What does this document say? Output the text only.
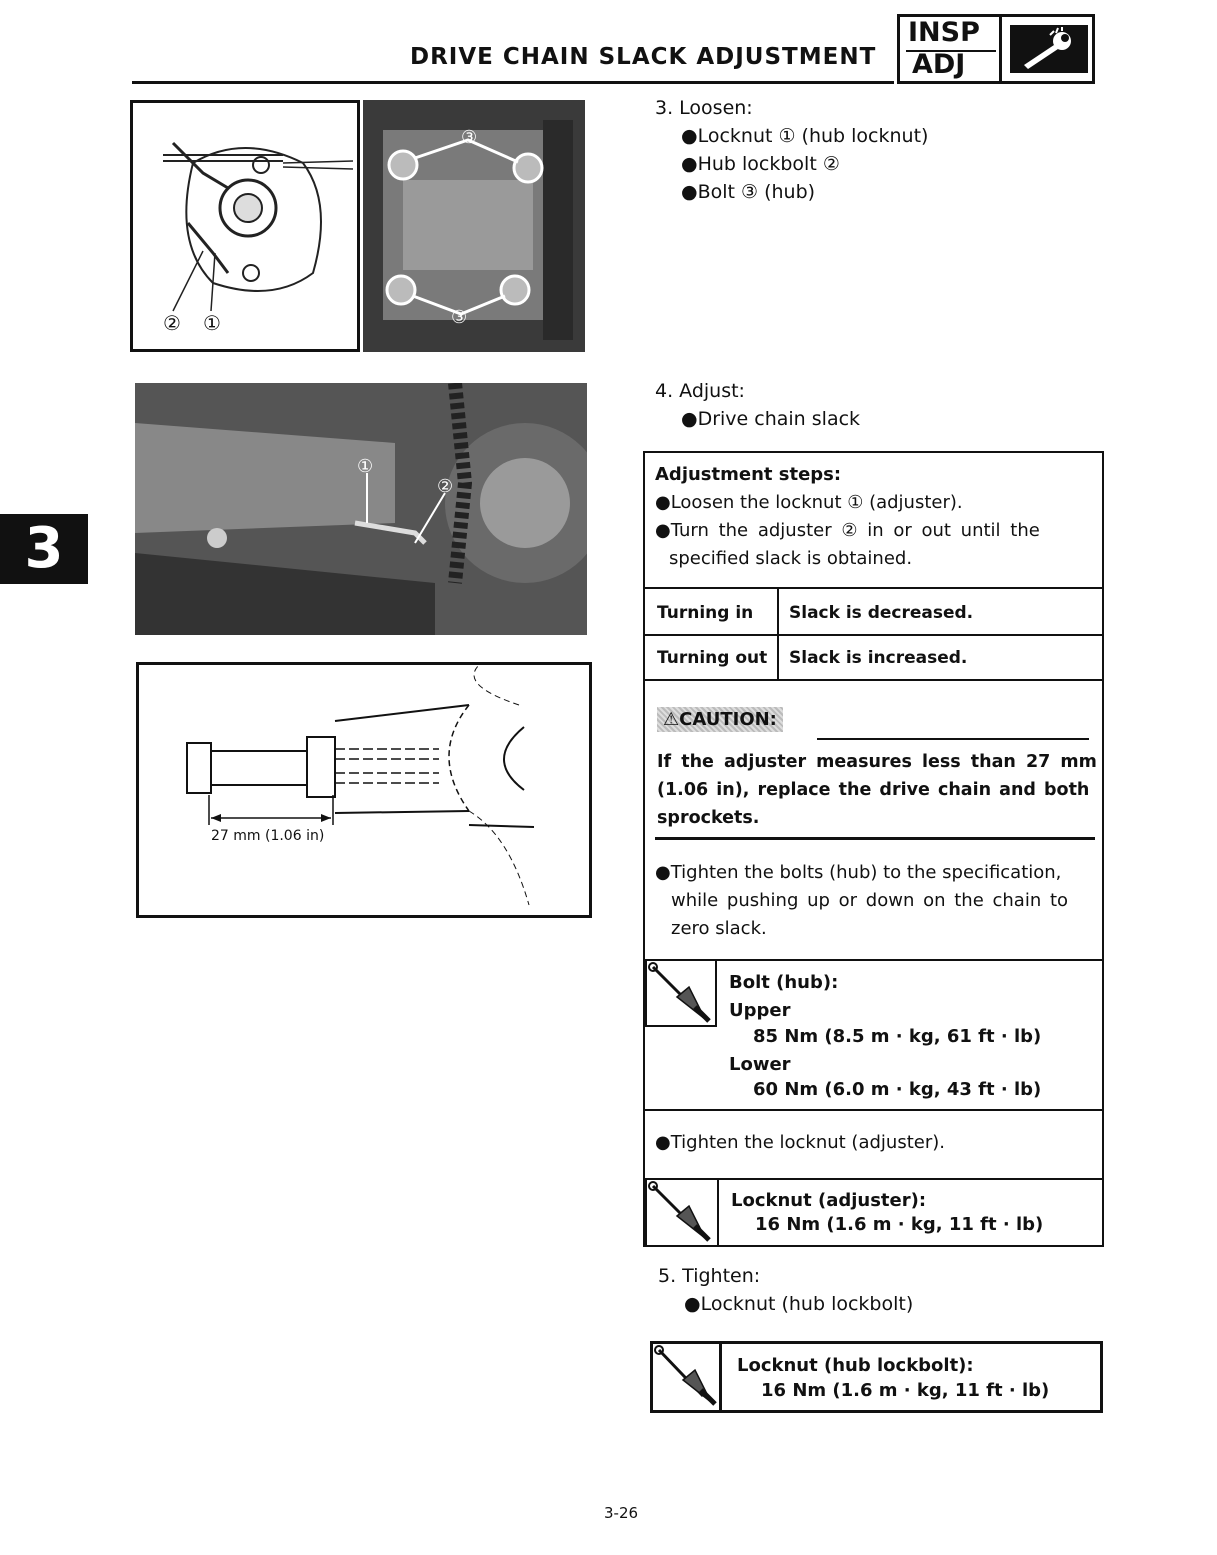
DRIVE CHAIN SLACK ADJUSTMENT
INSP
ADJ
3
② ①
③
③
①
②
27 mm (1.06 in)
3. Loosen:
●Locknut ① (hub locknut)
●Hub lockbolt ②
●Bolt ③ (hub)
4. Adjust:
●Drive chain slack
Adjustment steps:
●Loosen the locknut ① (adjuster).
●Turn the adjuster ② in or out until the
specified slack is obtained.
Turning in Slack is decreased.
Turning out Slack is increased.
⚠CAUTION:
If the adjuster measures less than 27 mm
(1.06 in), replace the drive chain and both
sprockets.
●Tighten the bolts (hub) to the specification,
while pushing up or down on the chain to
zero slack.
Bolt (hub):
Upper
85 Nm (8.5 m · kg, 61 ft · lb)
Lower
60 Nm (6.0 m · kg, 43 ft · lb)
●Tighten the locknut (adjuster).
Locknut (adjuster):
16 Nm (1.6 m · kg, 11 ft · lb)
5. Tighten:
●Locknut (hub lockbolt)
Locknut (hub lockbolt):
16 Nm (1.6 m · kg, 11 ft · lb)
3-26
